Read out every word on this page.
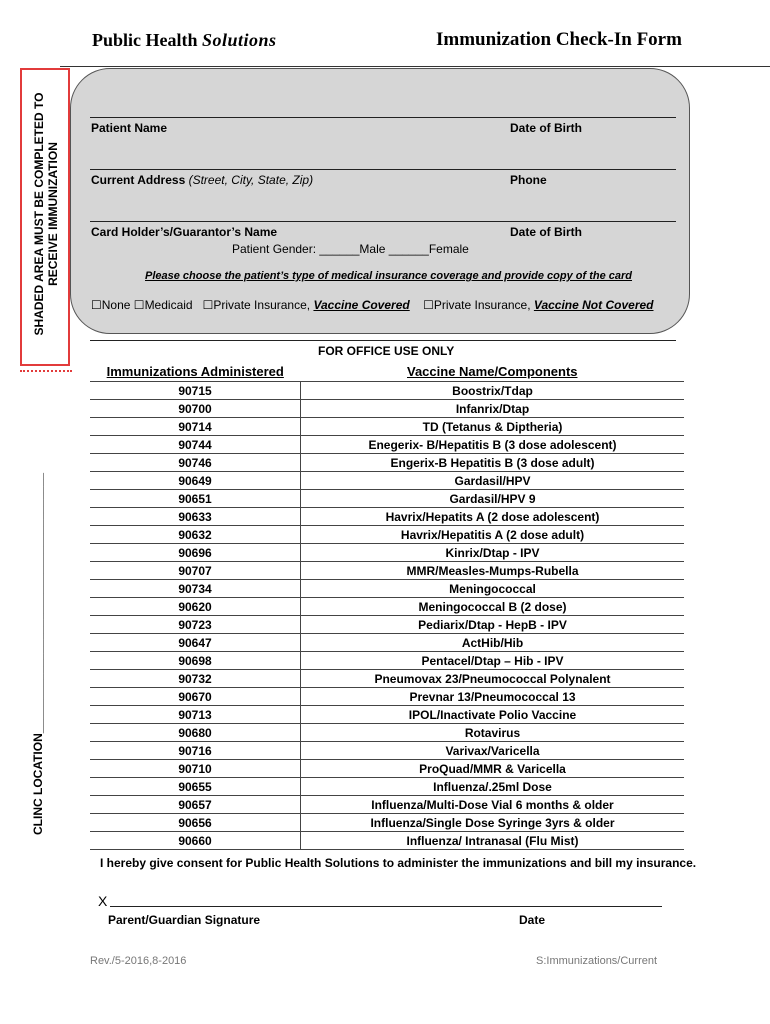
Public Health Solutions	Immunization Check-In Form
SHADED AREA MUST BE COMPLETED TO RECEIVE IMMUNIZATION
CLINC LOCATION_______________________________________
Patient Name	Date of Birth
Current Address (Street, City, State, Zip)	Phone
Card Holder’s/Guarantor’s Name	Date of Birth
Patient Gender: ______Male ______Female
Please choose the patient’s type of medical insurance coverage and provide copy of the card
☐None ☐Medicaid ☐Private Insurance, Vaccine Covered ☐Private Insurance, Vaccine Not Covered
FOR OFFICE USE ONLY
Immunizations Administered	Vaccine Name/Components
90715	Boostrix/Tdap
90700	Infanrix/Dtap
90714	TD (Tetanus & Diptheria)
90744	Enegerix- B/Hepatitis B (3 dose adolescent)
90746	Engerix-B Hepatitis B (3 dose adult)
90649	Gardasil/HPV
90651	Gardasil/HPV 9
90633	Havrix/Hepatits A (2 dose adolescent)
90632	Havrix/Hepatitis A (2 dose adult)
90696	Kinrix/Dtap - IPV
90707	MMR/Measles-Mumps-Rubella
90734	Meningococcal
90620	Meningococcal B (2 dose)
90723	Pediarix/Dtap - HepB - IPV
90647	ActHib/Hib
90698	Pentacel/Dtap – Hib - IPV
90732	Pneumovax 23/Pneumococcal Polynalent
90670	Prevnar 13/Pneumococcal 13
90713	IPOL/Inactivate Polio Vaccine
90680	Rotavirus
90716	Varivax/Varicella
90710	ProQuad/MMR & Varicella
90655	Influenza/.25ml Dose
90657	Influenza/Multi-Dose Vial 6 months & older
90656	Influenza/Single Dose Syringe 3yrs & older
90660	Influenza/ Intranasal (Flu Mist)
I hereby give consent for Public Health Solutions to administer the immunizations and bill my insurance.
X
Parent/Guardian Signature	Date
Rev./5-2016,8-2016	S:Immunizations/Current
